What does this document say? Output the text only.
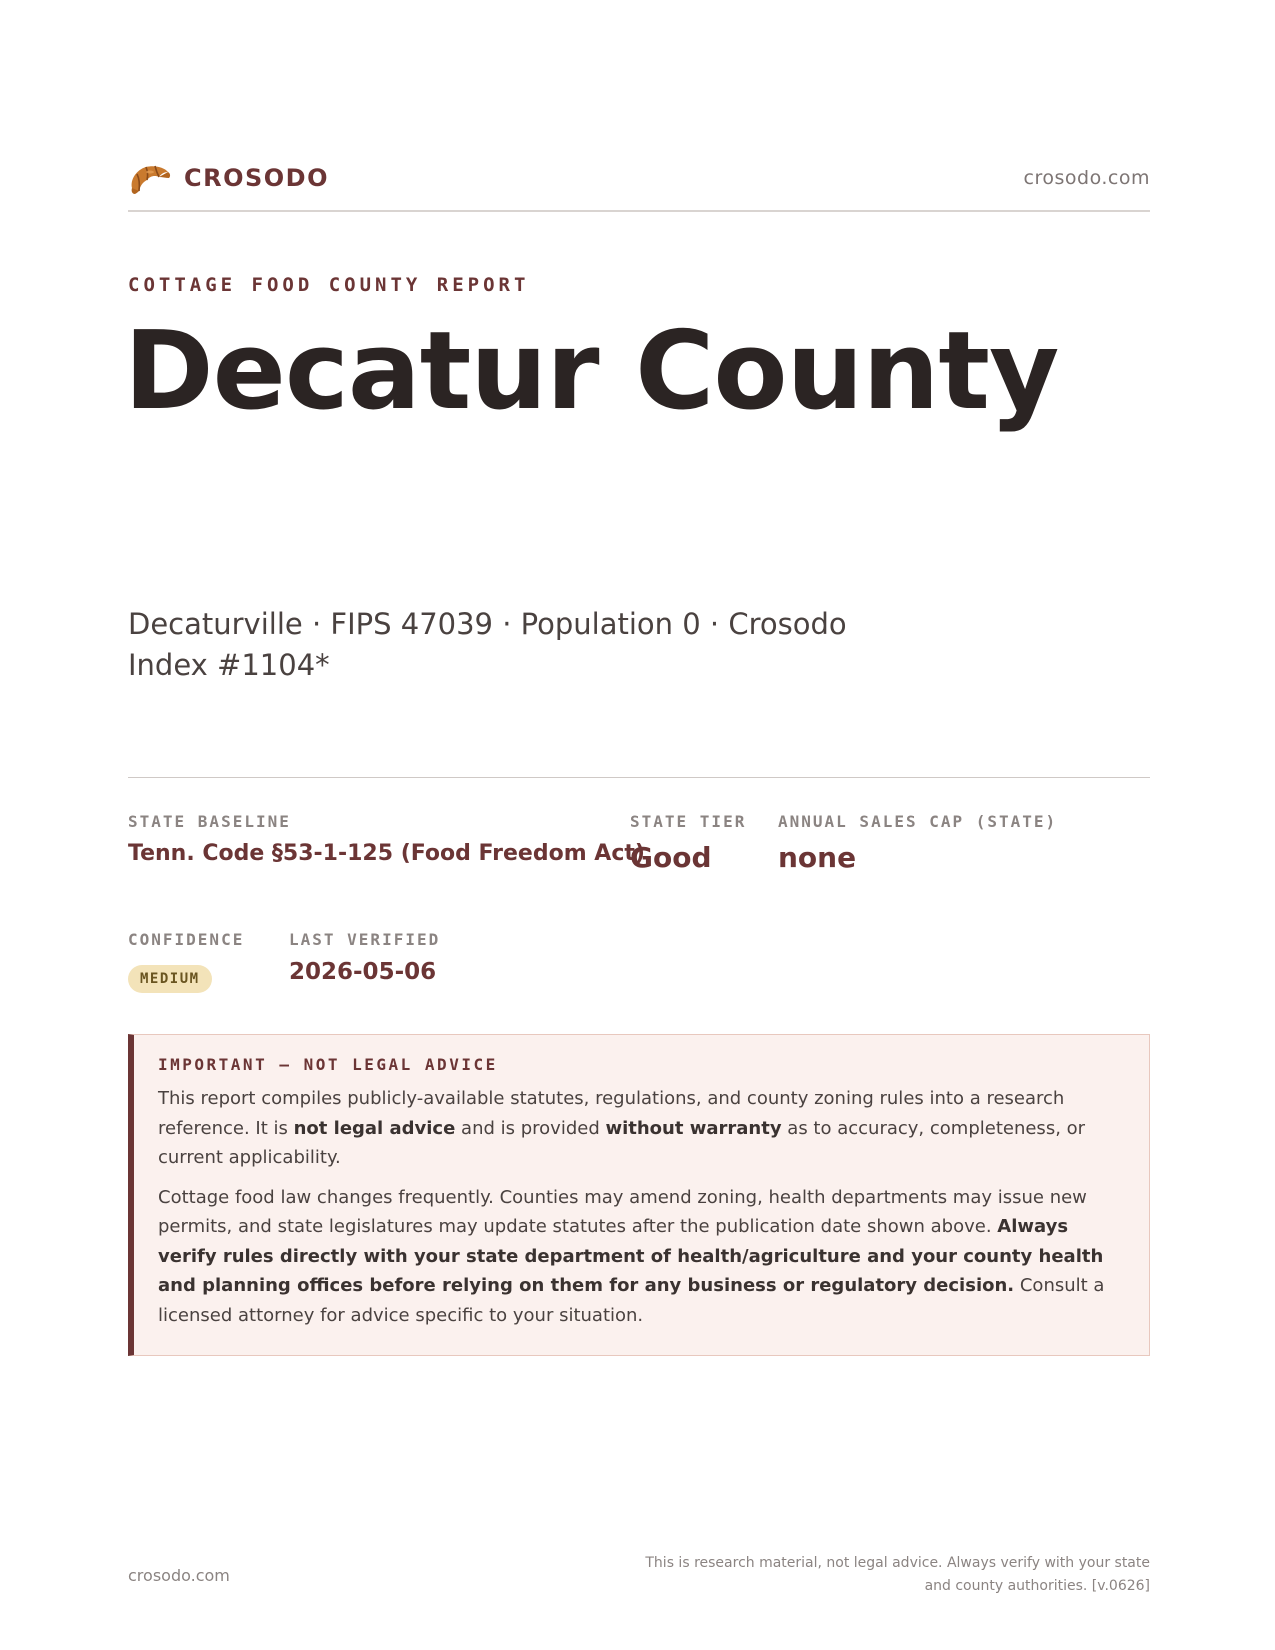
CROSODO	crosodo.com
COTTAGE FOOD COUNTY REPORT
Decatur County
Decaturville · FIPS 47039 · Population 0 · Crosodo Index #1104*
STATE BASELINE
Tenn. Code §53-1-125 (Food Freedom Act)
STATE TIER
Good
ANNUAL SALES CAP (STATE)
none
CONFIDENCE
MEDIUM
LAST VERIFIED
2026-05-06
IMPORTANT — NOT LEGAL ADVICE

This report compiles publicly-available statutes, regulations, and county zoning rules into a research reference. It is not legal advice and is provided without warranty as to accuracy, completeness, or current applicability.

Cottage food law changes frequently. Counties may amend zoning, health departments may issue new permits, and state legislatures may update statutes after the publication date shown above. Always verify rules directly with your state department of health/agriculture and your county health and planning offices before relying on them for any business or regulatory decision. Consult a licensed attorney for advice specific to your situation.

crosodo.com
This is research material, not legal advice. Always verify with your state
and county authorities. [v.0626]
